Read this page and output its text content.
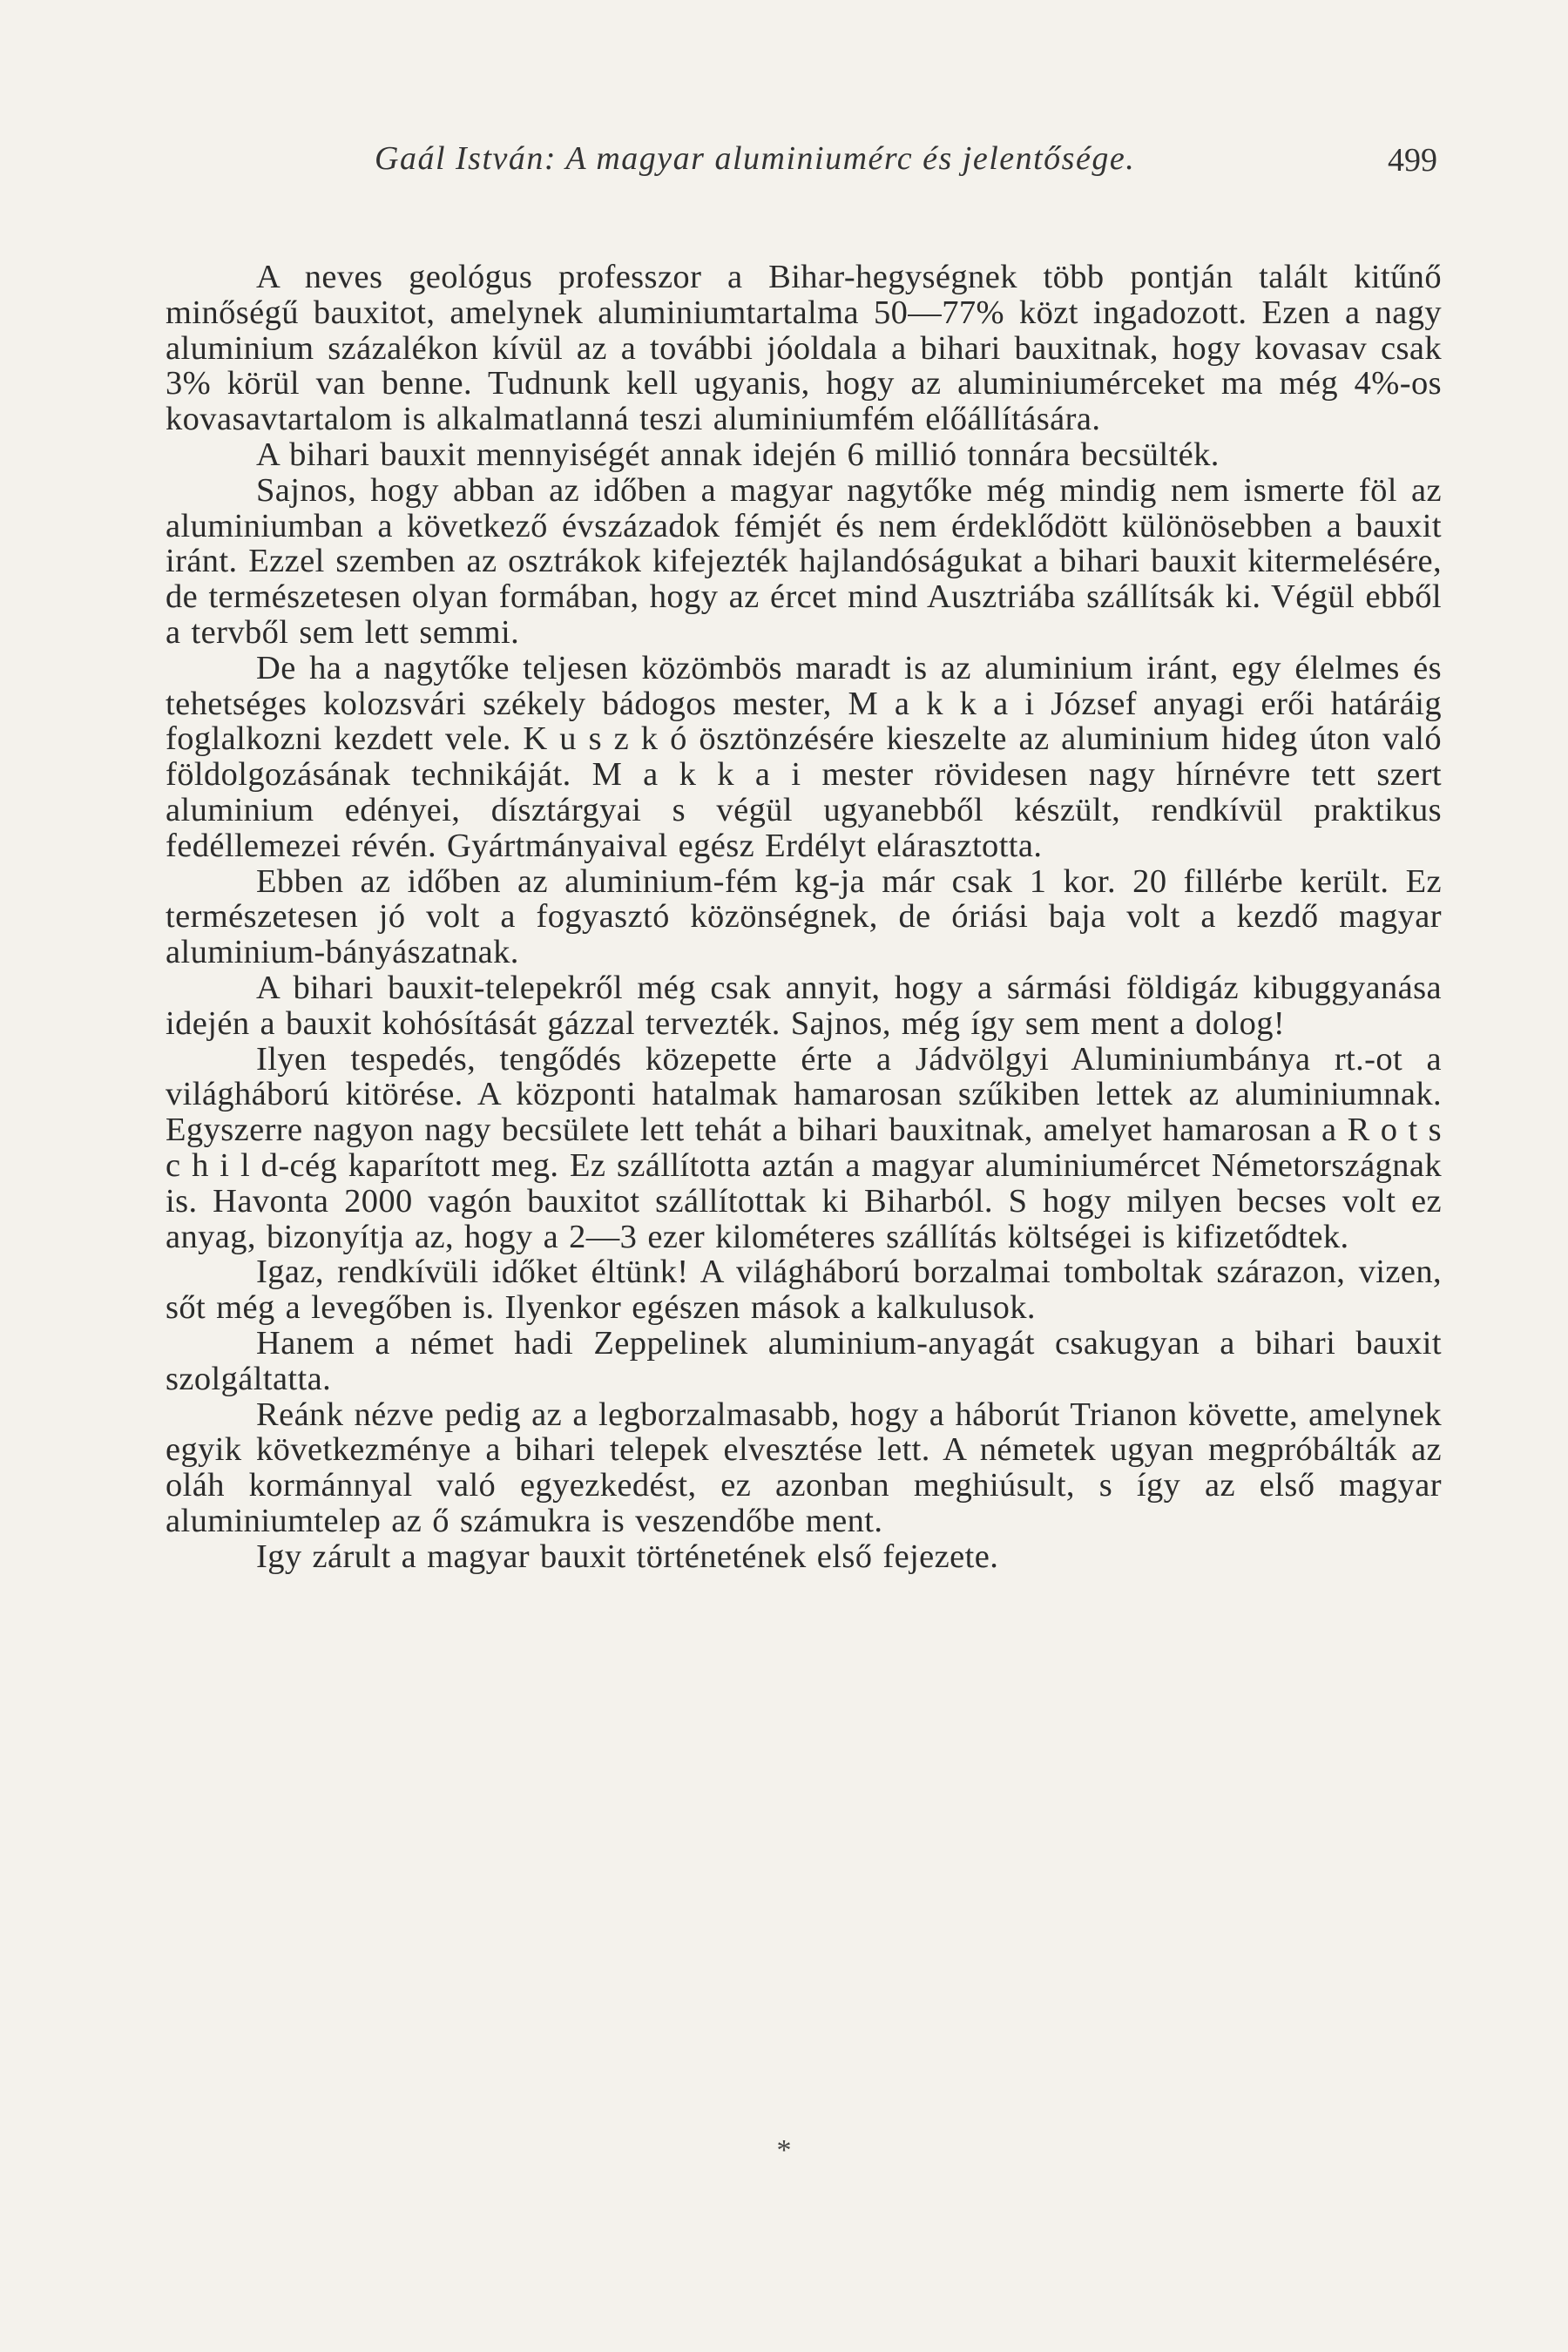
Gaál István: A magyar aluminiumérc és jelentősége.	499

A neves geológus professzor a Bihar-hegységnek több pontján talált kitűnő minőségű bauxitot, amelynek aluminiumtartalma 50—77% közt ingadozott. Ezen a nagy aluminium százalékon kívül az a további jóoldala a bihari bauxitnak, hogy kovasav csak 3% körül van benne. Tudnunk kell ugyanis, hogy az aluminiumérceket ma még 4%-os kovasavtartalom is alkalmatlanná teszi aluminiumfém előállítására.

A bihari bauxit mennyiségét annak idején 6 millió tonnára becsülték.

Sajnos, hogy abban az időben a magyar nagytőke még mindig nem ismerte föl az aluminiumban a következő évszázadok fémjét és nem érdeklődött különösebben a bauxit iránt. Ezzel szemben az osztrákok kifejezték hajlandóságukat a bihari bauxit kitermelésére, de természetesen olyan formában, hogy az ércet mind Ausztriába szállítsák ki. Végül ebből a tervből sem lett semmi.

De ha a nagytőke teljesen közömbös maradt is az aluminium iránt, egy élelmes és tehetséges kolozsvári székely bádogos mester, M a k k a i József anyagi erői határáig foglalkozni kezdett vele. K u s z k ó ösztönzésére kieszelte az aluminium hideg úton való földolgozásának technikáját. M a k k a i mester rövidesen nagy hírnévre tett szert aluminium edényei, dísztárgyai s végül ugyanebből készült, rendkívül praktikus fedéllemezei révén. Gyártmányaival egész Erdélyt elárasztotta.

Ebben az időben az aluminium-fém kg-ja már csak 1 kor. 20 fillérbe került. Ez természetesen jó volt a fogyasztó közönségnek, de óriási baja volt a kezdő magyar aluminium-bányászatnak.

A bihari bauxit-telepekről még csak annyit, hogy a sármási földigáz kibuggyanása idején a bauxit kohósítását gázzal tervezték. Sajnos, még így sem ment a dolog!

Ilyen tespedés, tengődés közepette érte a Jádvölgyi Aluminiumbánya rt.-ot a világháború kitörése. A központi hatalmak hamarosan szűkiben lettek az aluminiumnak. Egyszerre nagyon nagy becsülete lett tehát a bihari bauxitnak, amelyet hamarosan a R o t s c h i l d-cég kaparított meg. Ez szállította aztán a magyar aluminiumércet Németországnak is. Havonta 2000 vagón bauxitot szállítottak ki Biharból. S hogy milyen becses volt ez anyag, bizonyítja az, hogy a 2—3 ezer kilométeres szállítás költségei is kifizetődtek.

Igaz, rendkívüli időket éltünk! A világháború borzalmai tomboltak szárazon, vizen, sőt még a levegőben is. Ilyenkor egészen mások a kalkulusok.

Hanem a német hadi Zeppelinek aluminium-anyagát csakugyan a bihari bauxit szolgáltatta.

Reánk nézve pedig az a legborzalmasabb, hogy a háborút Trianon követte, amelynek egyik következménye a bihari telepek elvesztése lett. A németek ugyan megpróbálták az oláh kormánnyal való egyezkedést, ez azonban meghiúsult, s így az első magyar aluminiumtelep az ő számukra is veszendőbe ment.

Igy zárult a magyar bauxit történetének első fejezete.

*
